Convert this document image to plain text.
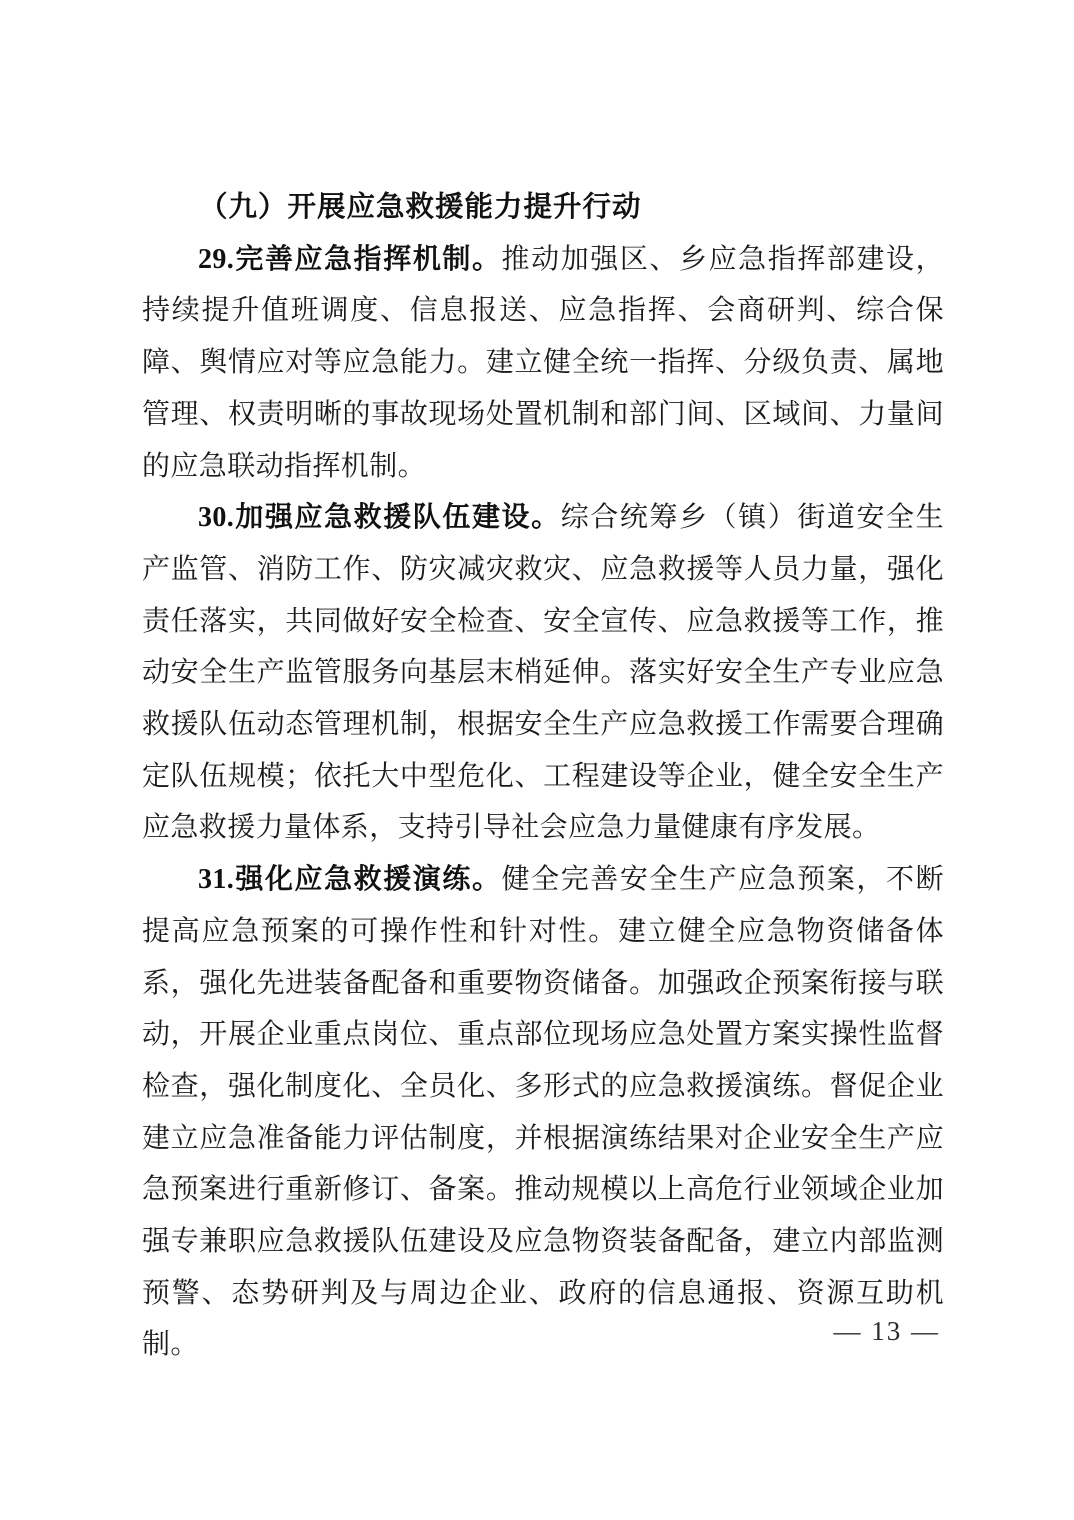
（九）开展应急救援能力提升行动

29.完善应急指挥机制。推动加强区、乡应急指挥部建设，持续提升值班调度、信息报送、应急指挥、会商研判、综合保障、舆情应对等应急能力。建立健全统一指挥、分级负责、属地管理、权责明晰的事故现场处置机制和部门间、区域间、力量间的应急联动指挥机制。

30.加强应急救援队伍建设。综合统筹乡（镇）街道安全生产监管、消防工作、防灾减灾救灾、应急救援等人员力量，强化责任落实，共同做好安全检查、安全宣传、应急救援等工作，推动安全生产监管服务向基层末梢延伸。落实好安全生产专业应急救援队伍动态管理机制，根据安全生产应急救援工作需要合理确定队伍规模；依托大中型危化、工程建设等企业，健全安全生产应急救援力量体系，支持引导社会应急力量健康有序发展。

31.强化应急救援演练。健全完善安全生产应急预案，不断提高应急预案的可操作性和针对性。建立健全应急物资储备体系，强化先进装备配备和重要物资储备。加强政企预案衔接与联动，开展企业重点岗位、重点部位现场应急处置方案实操性监督检查，强化制度化、全员化、多形式的应急救援演练。督促企业建立应急准备能力评估制度，并根据演练结果对企业安全生产应急预案进行重新修订、备案。推动规模以上高危行业领域企业加强专兼职应急救援队伍建设及应急物资装备配备，建立内部监测预警、态势研判及与周边企业、政府的信息通报、资源互助机制。	— 13 —
